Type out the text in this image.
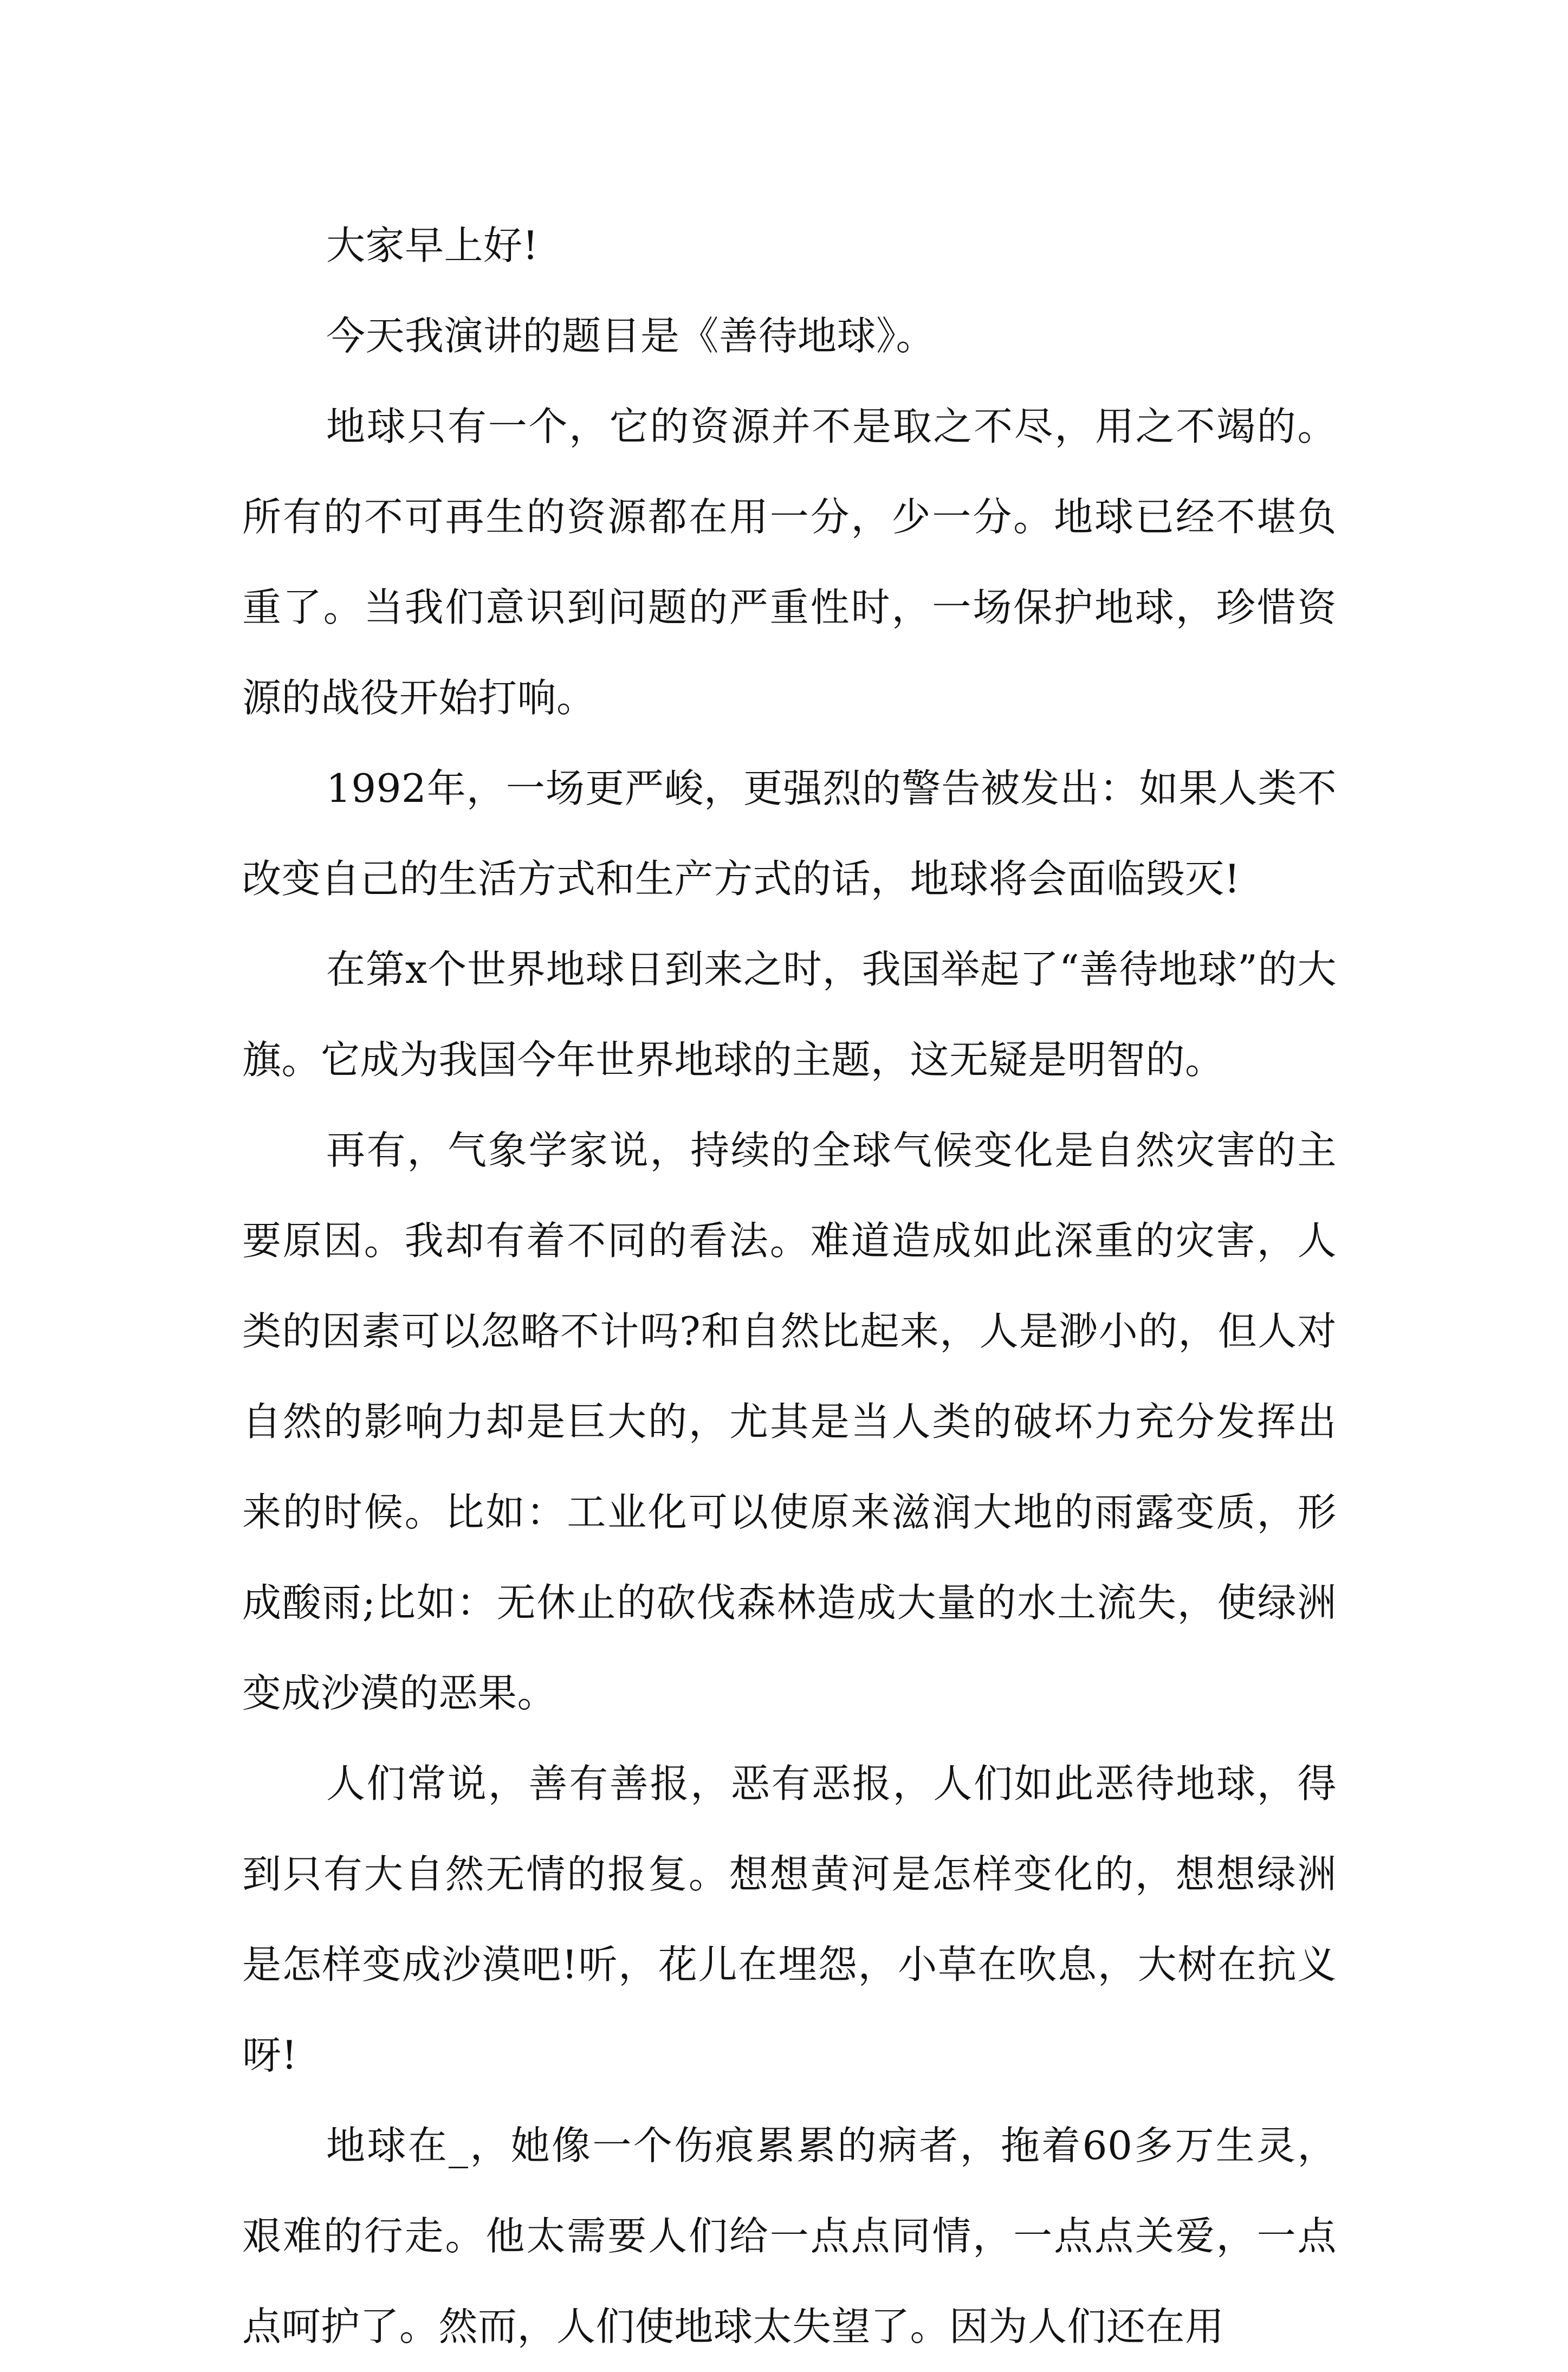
大家早上好!

今天我演讲的题目是《善待地球》。

地球只有一个，它的资源并不是取之不尽，用之不竭的。所有的不可再生的资源都在用一分，少一分。地球已经不堪负重了。当我们意识到问题的严重性时，一场保护地球，珍惜资源的战役开始打响。

1992年，一场更严峻，更强烈的警告被发出：如果人类不改变自己的生活方式和生产方式的话，地球将会面临毁灭!

在第x个世界地球日到来之时，我国举起了“善待地球”的大旗。它成为我国今年世界地球的主题，这无疑是明智的。

再有，气象学家说，持续的全球气候变化是自然灾害的主要原因。我却有着不同的看法。难道造成如此深重的灾害，人类的因素可以忽略不计吗?和自然比起来，人是渺小的，但人对自然的影响力却是巨大的，尤其是当人类的破坏力充分发挥出来的时候。比如：工业化可以使原来滋润大地的雨露变质，形成酸雨;比如：无休止的砍伐森林造成大量的水土流失，使绿洲变成沙漠的恶果。

人们常说，善有善报，恶有恶报，人们如此恶待地球，得到只有大自然无情的报复。想想黄河是怎样变化的，想想绿洲是怎样变成沙漠吧!听，花儿在埋怨，小草在吹息，大树在抗义呀!

地球在_，她像一个伤痕累累的病者，拖着60多万生灵，艰难的行走。他太需要人们给一点点同情，一点点关爱，一点点呵护了。然而，人们使地球太失望了。因为人们还在用
